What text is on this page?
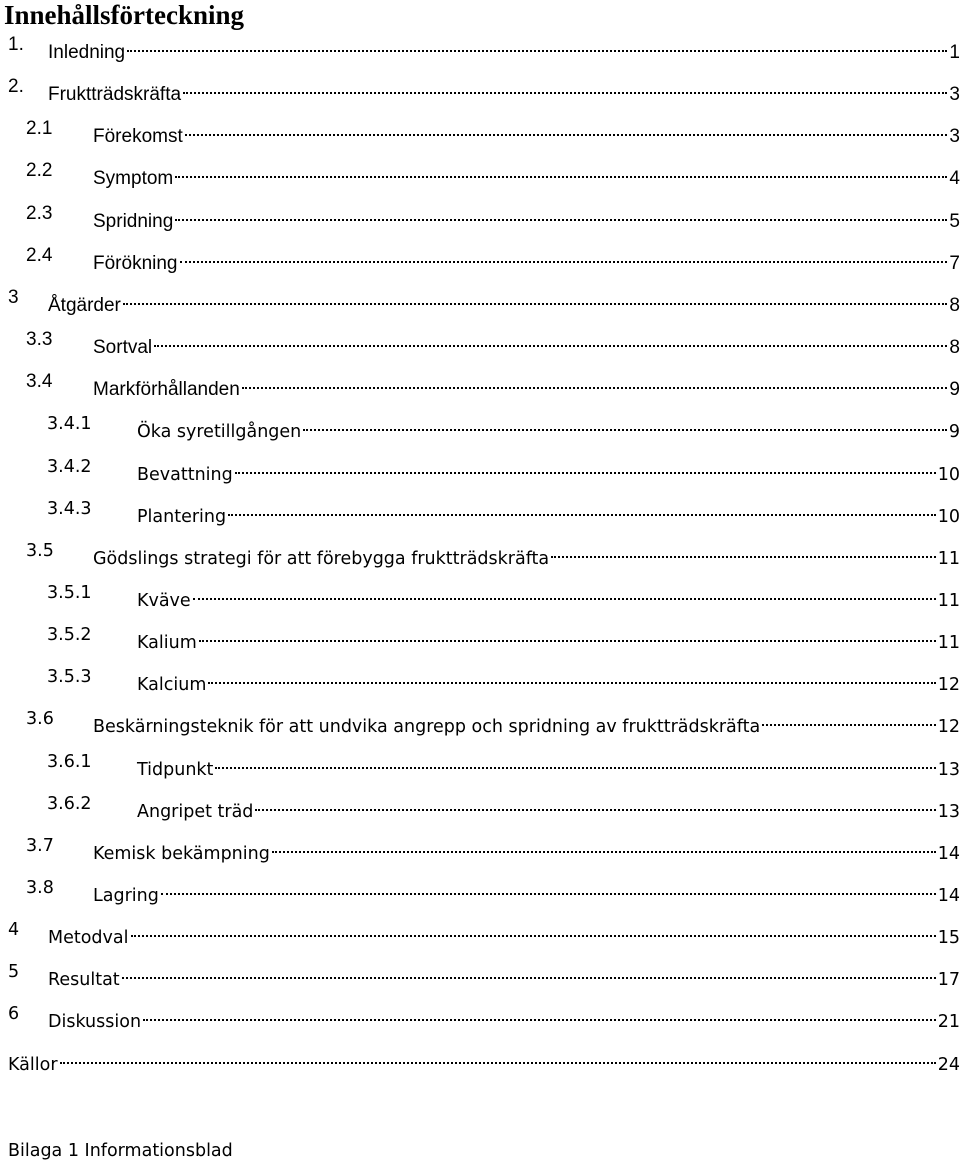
Innehållsförteckning
1. Inledning	1
2. Fruktträdskräfta	3
2.1 Förekomst	3
2.2 Symptom	4
2.3 Spridning	5
2.4 Förökning	7
3 Åtgärder	8
3.3 Sortval	8
3.4 Markförhållanden	9
3.4.1	Öka syretillgången	9
3.4.2	Bevattning	10
3.4.3	Plantering	10
3.5 Gödslings strategi för att förebygga fruktträdskräfta	11
3.5.1	Kväve	11
3.5.2	Kalium	11
3.5.3	Kalcium	12
3.6 Beskärningsteknik för att undvika angrepp och spridning av fruktträdskräfta	12
3.6.1	Tidpunkt	13
3.6.2	Angripet träd	13
3.7 Kemisk bekämpning	14
3.8 Lagring	14
4 Metodval	15
5 Resultat	17
6 Diskussion	21
Källor	24
Bilaga 1 Informationsblad
